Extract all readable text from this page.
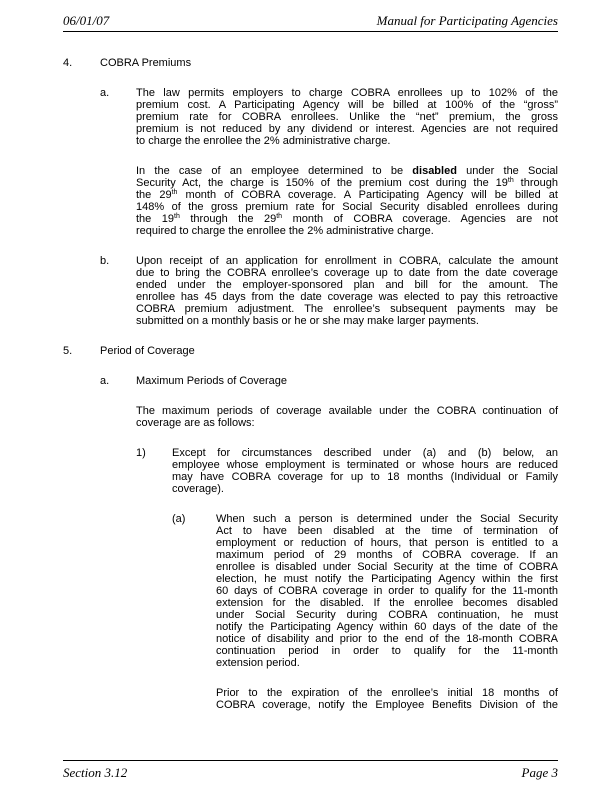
06/01/07	Manual for Participating Agencies
4.	COBRA Premiums
a. The law permits employers to charge COBRA enrollees up to 102% of the
premium cost. A Participating Agency will be billed at 100% of the “gross”
premium rate for COBRA enrollees. Unlike the “net” premium, the gross
premium is not reduced by any dividend or interest. Agencies are not required
to charge the enrollee the 2% administrative charge.
In the case of an employee determined to be disabled under the Social
Security Act, the charge is 150% of the premium cost during the 19th through
the 29th month of COBRA coverage. A Participating Agency will be billed at
148% of the gross premium rate for Social Security disabled enrollees during
the 19th through the 29th month of COBRA coverage. Agencies are not
required to charge the enrollee the 2% administrative charge.
b. Upon receipt of an application for enrollment in COBRA, calculate the amount
due to bring the COBRA enrollee’s coverage up to date from the date coverage
ended under the employer-sponsored plan and bill for the amount. The
enrollee has 45 days from the date coverage was elected to pay this retroactive
COBRA premium adjustment. The enrollee’s subsequent payments may be
submitted on a monthly basis or he or she may make larger payments.
5.	Period of Coverage
a. Maximum Periods of Coverage
The maximum periods of coverage available under the COBRA continuation of
coverage are as follows:
1) Except for circumstances described under (a) and (b) below, an
employee whose employment is terminated or whose hours are reduced
may have COBRA coverage for up to 18 months (Individual or Family
coverage).
(a)	When such a person is determined under the Social Security
Act to have been disabled at the time of termination of
employment or reduction of hours, that person is entitled to a
maximum period of 29 months of COBRA coverage. If an
enrollee is disabled under Social Security at the time of COBRA
election, he must notify the Participating Agency within the first
60 days of COBRA coverage in order to qualify for the 11-month
extension for the disabled. If the enrollee becomes disabled
under Social Security during COBRA continuation, he must
notify the Participating Agency within 60 days of the date of the
notice of disability and prior to the end of the 18-month COBRA
continuation period in order to qualify for the 11-month
extension period.
Prior to the expiration of the enrollee’s initial 18 months of
COBRA coverage, notify the Employee Benefits Division of the
Section 3.12	Page 3
